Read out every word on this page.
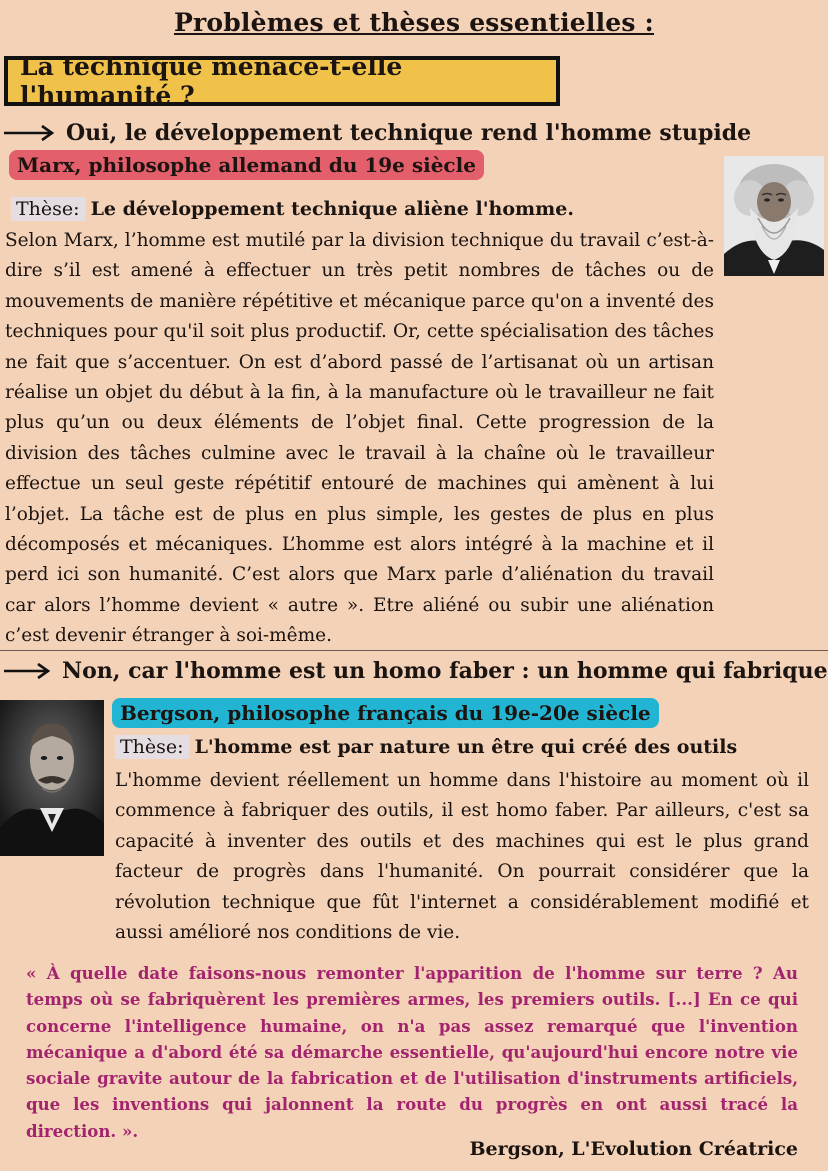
Problèmes et thèses essentielles :
La technique menace-t-elle l'humanité ?
Oui, le développement technique rend l'homme stupide
Marx, philosophe allemand du 19e siècle
Thèse: Le développement technique aliène l'homme.
Selon Marx, l’homme est mutilé par la division technique du travail c’est-à-dire s’il est amené à effectuer un très petit nombres de tâches ou de mouvements de manière répétitive et mécanique parce qu'on a inventé des techniques pour qu'il soit plus productif. Or, cette spécialisation des tâches ne fait que s’accentuer. On est d’abord passé de l’artisanat où un artisan réalise un objet du début à la fin, à la manufacture où le travailleur ne fait plus qu’un ou deux éléments de l’objet final. Cette progression de la division des tâches culmine avec le travail à la chaîne où le travailleur effectue un seul geste répétitif entouré de machines qui amènent à lui l’objet. La tâche est de plus en plus simple, les gestes de plus en plus décomposés et mécaniques. L’homme est alors intégré à la machine et il perd ici son humanité. C’est alors que Marx parle d’aliénation du travail car alors l’homme devient « autre ». Etre aliéné ou subir une aliénation c’est devenir étranger à soi-même.
Non, car l'homme est un homo faber : un homme qui fabrique
Bergson, philosophe français du 19e-20e siècle
Thèse: L'homme est par nature un être qui créé des outils
L'homme devient réellement un homme dans l'histoire au moment où il commence à fabriquer des outils, il est homo faber. Par ailleurs, c'est sa capacité à inventer des outils et des machines qui est le plus grand facteur de progrès dans l'humanité. On pourrait considérer que la révolution technique que fût l'internet a considérablement modifié et aussi amélioré nos conditions de vie.
« À quelle date faisons-nous remonter l'apparition de l'homme sur terre ? Au temps où se fabriquèrent les premières armes, les premiers outils. [...] En ce qui concerne l'intelligence humaine, on n'a pas assez remarqué que l'invention mécanique a d'abord été sa démarche essentielle, qu'aujourd'hui encore notre vie sociale gravite autour de la fabrication et de l'utilisation d'instruments artificiels, que les inventions qui jalonnent la route du progrès en ont aussi tracé la direction. ».
Bergson, L'Evolution Créatrice
